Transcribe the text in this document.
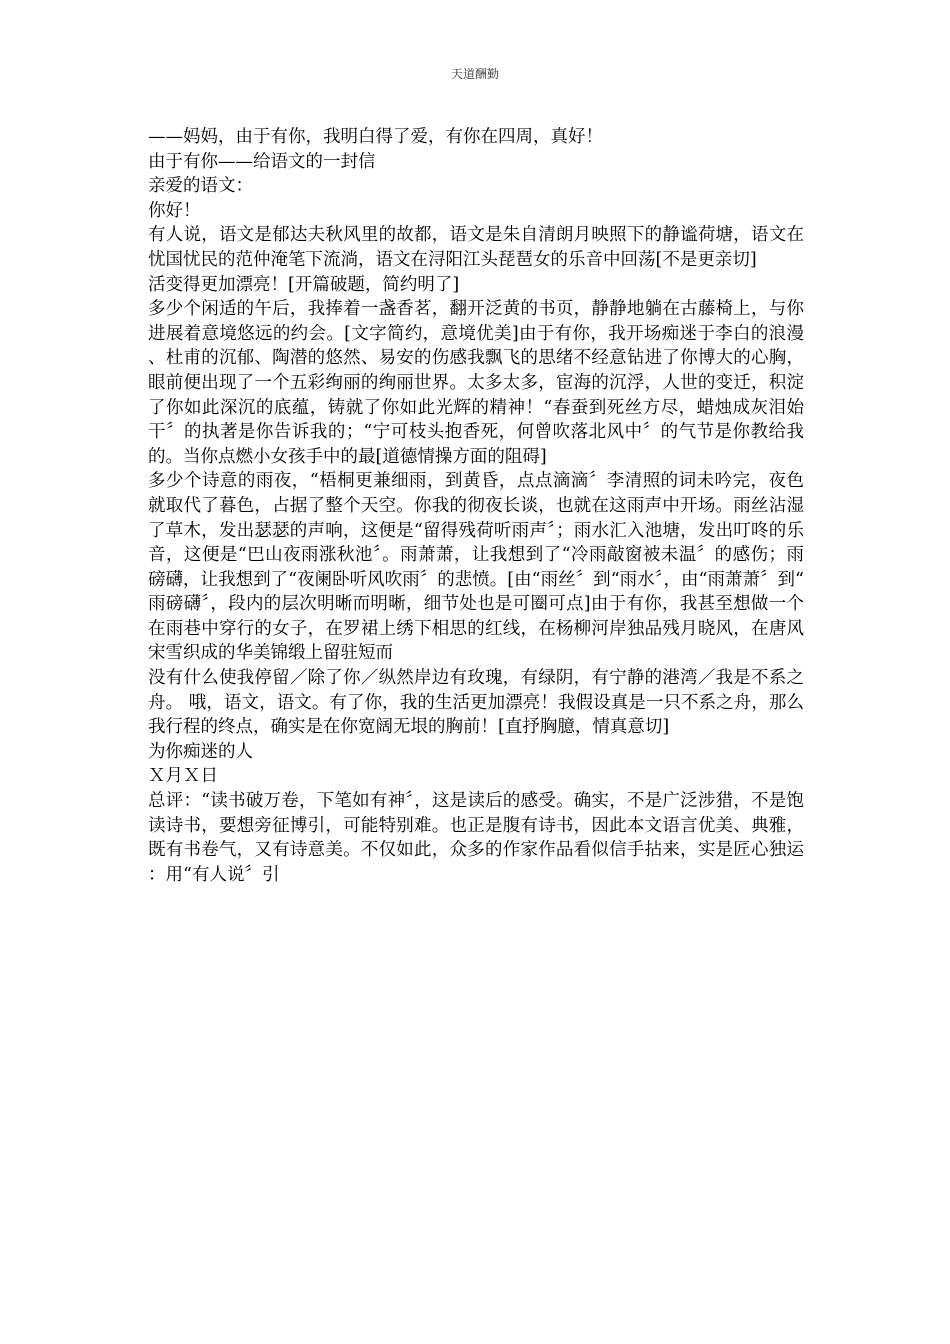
天道酬勤

——妈妈，由于有你，我明白得了爱，有你在四周，真好！

由于有你——给语文的一封信

亲爱的语文：

你好！

有人说，语文是郁达夫秋风里的故都，语文是朱自清朗月映照下的静谧荷塘，语文在忧国忧民的范仲淹笔下流淌，语文在浔阳江头琵琶女的乐音中回荡[不是更亲切]

活变得更加漂亮！[开篇破题，简约明了]

多少个闲适的午后，我捧着一盏香茗，翻开泛黄的书页，静静地躺在古藤椅上，与你进展着意境悠远的约会。[文字简约，意境优美]由于有你，我开场痴迷于李白的浪漫、杜甫的沉郁、陶潜的悠然、易安的伤感我飘飞的思绪不经意钻进了你博大的心胸，眼前便出现了一个五彩绚丽的绚丽世界。太多太多，宦海的沉浮，人世的变迁，积淀了你如此深沉的底蕴，铸就了你如此光辉的精神！“春蚕到死丝方尽，蜡烛成灰泪始干〞的执著是你告诉我的；“宁可枝头抱香死，何曾吹落北风中〞的气节是你教给我的。当你点燃小女孩手中的最[道德情操方面的阻碍]

多少个诗意的雨夜，“梧桐更兼细雨，到黄昏，点点滴滴〞李清照的词未吟完，夜色就取代了暮色，占据了整个天空。你我的彻夜长谈，也就在这雨声中开场。雨丝沾湿了草木，发出瑟瑟的声响，这便是“留得残荷听雨声〞；雨水汇入池塘，发出叮咚的乐音，这便是“巴山夜雨涨秋池〞。雨萧萧，让我想到了“冷雨敲窗被未温〞的感伤；雨磅礴，让我想到了“夜阑卧听风吹雨〞的悲愤。[由“雨丝〞到“雨水〞，由“雨萧萧〞到“雨磅礴〞，段内的层次明晰而明晰，细节处也是可圈可点]由于有你，我甚至想做一个在雨巷中穿行的女子，在罗裙上绣下相思的红线，在杨柳河岸独品残月晓风，在唐风宋雪织成的华美锦缎上留驻短而

没有什么使我停留／除了你／纵然岸边有玫瑰，有绿阴，有宁静的港湾／我是不系之舟。 哦，语文，语文。有了你，我的生活更加漂亮！我假设真是一只不系之舟，那么我行程的终点，确实是在你宽阔无垠的胸前！[直抒胸臆，情真意切]

为你痴迷的人

Ｘ月Ｘ日

总评：“读书破万卷，下笔如有神〞，这是读后的感受。确实，不是广泛涉猎，不是饱读诗书，要想旁征博引，可能特别难。也正是腹有诗书，因此本文语言优美、典雅，既有书卷气，又有诗意美。不仅如此，众多的作家作品看似信手拈来，实是匠心独运：用“有人说〞引
